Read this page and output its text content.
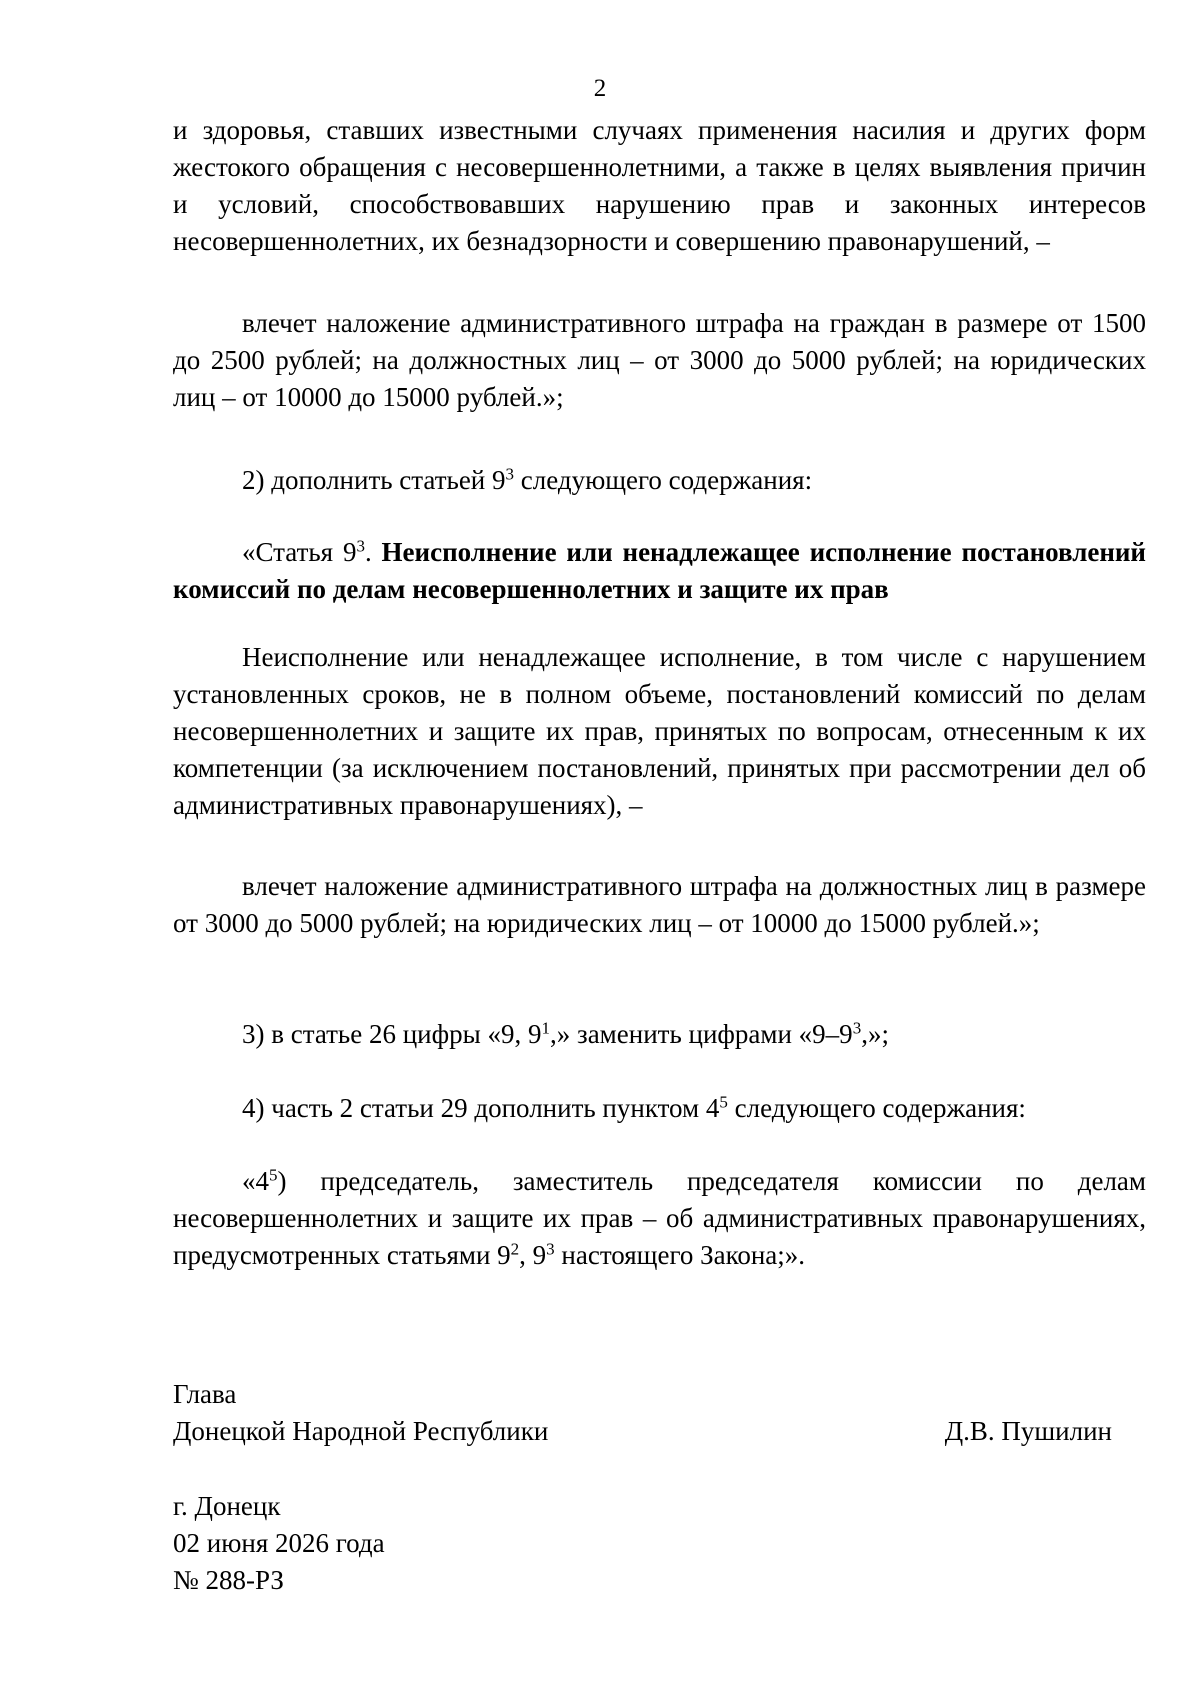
2

и здоровья, ставших известными случаях применения насилия и других форм жестокого обращения с несовершеннолетними, а также в целях выявления причин и условий, способствовавших нарушению прав и законных интересов несовершеннолетних, их безнадзорности и совершению правонарушений, –

влечет наложение административного штрафа на граждан в размере от 1500 до 2500 рублей; на должностных лиц – от 3000 до 5000 рублей; на юридических лиц – от 10000 до 15000 рублей.»;

2) дополнить статьей $9^3$ следующего содержания:

«Статья $9^3$. Неисполнение или ненадлежащее исполнение постановлений комиссий по делам несовершеннолетних и защите их прав

Неисполнение или ненадлежащее исполнение, в том числе с нарушением установленных сроков, не в полном объеме, постановлений комиссий по делам несовершеннолетних и защите их прав, принятых по вопросам, отнесенным к их компетенции (за исключением постановлений, принятых при рассмотрении дел об административных правонарушениях), –

влечет наложение административного штрафа на должностных лиц в размере от 3000 до 5000 рублей; на юридических лиц – от 10000 до 15000 рублей.»;

3) в статье 26 цифры «9, $9^1$,» заменить цифрами «$9-9^3$,»;

4) часть 2 статьи 29 дополнить пунктом $4^5$ следующего содержания:

«$4^5$) председатель, заместитель председателя комиссии по делам несовершеннолетних и защите их прав – об административных правонарушениях, предусмотренных статьями $9^2$, $9^3$ настоящего Закона;».

Глава
Донецкой Народной Республики	Д.В. Пушилин
г. Донецк
02 июня 2026 года
№ 288-РЗ
